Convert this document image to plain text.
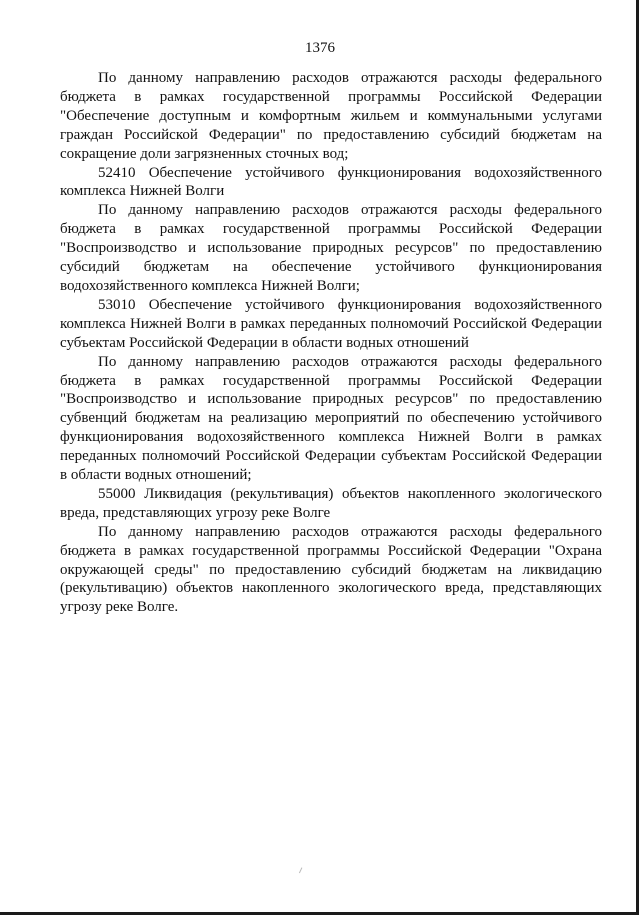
1376

По данному направлению расходов отражаются расходы федерального бюджета в рамках государственной программы Российской Федерации "Обеспечение доступным и комфортным жильем и коммунальными услугами граждан Российской Федерации" по предоставлению субсидий бюджетам на сокращение доли загрязненных сточных вод;

52410 Обеспечение устойчивого функционирования водохозяйственного комплекса Нижней Волги

По данному направлению расходов отражаются расходы федерального бюджета в рамках государственной программы Российской Федерации "Воспроизводство и использование природных ресурсов" по предоставлению субсидий бюджетам на обеспечение устойчивого функционирования водохозяйственного комплекса Нижней Волги;

53010 Обеспечение устойчивого функционирования водохозяйственного комплекса Нижней Волги в рамках переданных полномочий Российской Федерации субъектам Российской Федерации в области водных отношений

По данному направлению расходов отражаются расходы федерального бюджета в рамках государственной программы Российской Федерации "Воспроизводство и использование природных ресурсов" по предоставлению субвенций бюджетам на реализацию мероприятий по обеспечению устойчивого функционирования водохозяйственного комплекса Нижней Волги в рамках переданных полномочий Российской Федерации субъектам Российской Федерации в области водных отношений;

55000 Ликвидация (рекультивация) объектов накопленного экологического вреда, представляющих угрозу реке Волге

По данному направлению расходов отражаются расходы федерального бюджета в рамках государственной программы Российской Федерации "Охрана окружающей среды" по предоставлению субсидий бюджетам на ликвидацию (рекультивацию) объектов накопленного экологического вреда, представляющих угрозу реке Волге.
